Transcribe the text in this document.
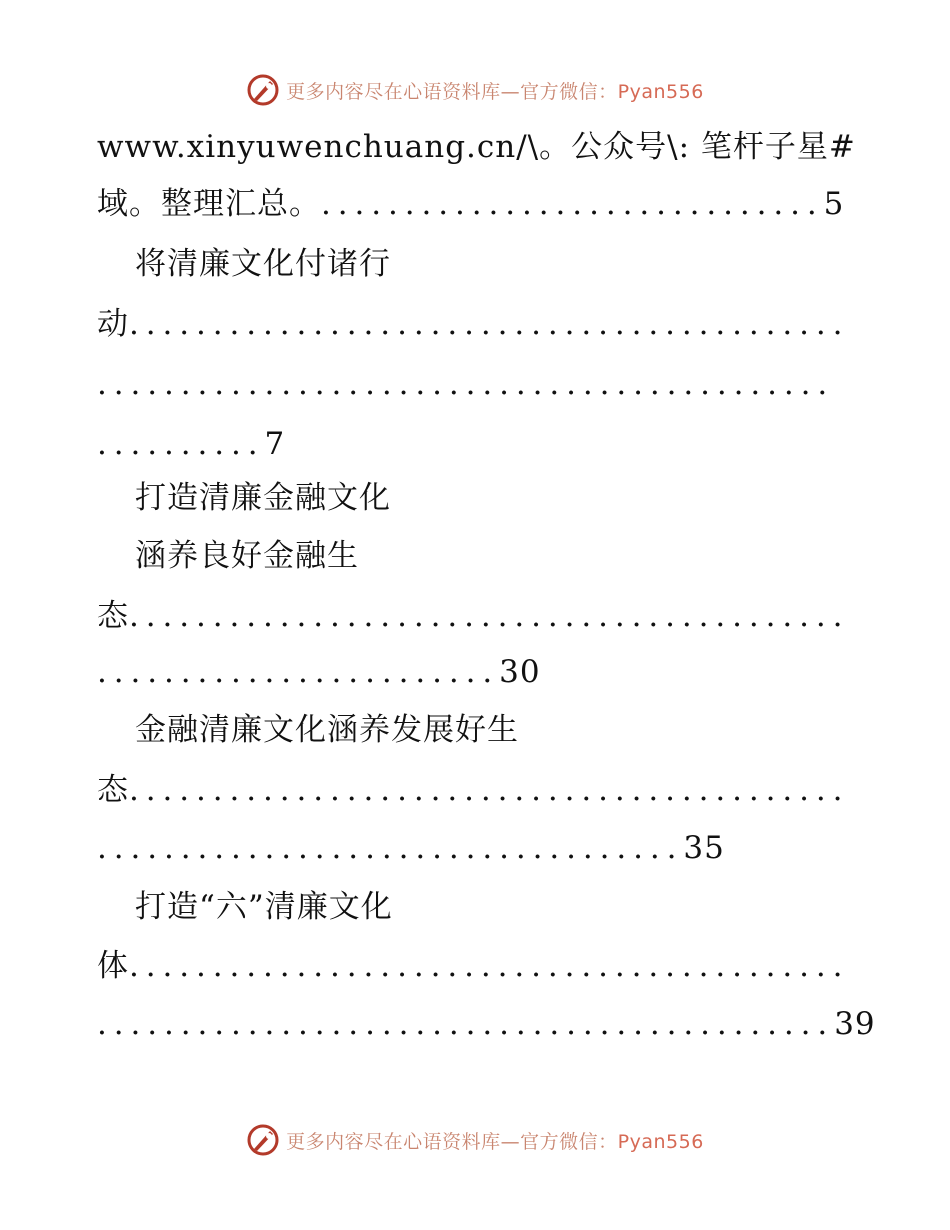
更多内容尽在心语资料库—官方微信：Pyan556
www.xinyuwenchuang.cn/\。公众号\: 笔杆子星#
域。整理汇总。..............................5
将清廉文化付诸行
动...........................................
............................................
..........7
打造清廉金融文化
涵养良好金融生
态...........................................
........................30
金融清廉文化涵养发展好生
态...........................................
...................................35
打造“六”清廉文化
体...........................................
............................................39
更多内容尽在心语资料库—官方微信：Pyan556
